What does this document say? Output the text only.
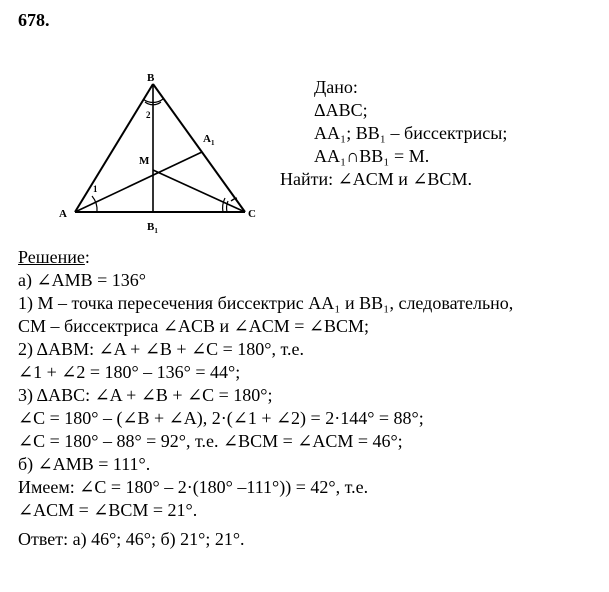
678.
A
B
C
M
$A_1$
$B_1$
1
2
Дано:
ΔABC;
AA₁; BB₁ – биссектрисы;
AA₁∩BB₁ = M.
Найти: ∠ACM и ∠BCM.
Решение:
а) ∠AMB = 136°
1) M – точка пересечения биссектрис AA₁ и BB₁, следовательно,
CM – биссектриса ∠ACB и ∠ACM = ∠BCM;
2) ΔABM: ∠A + ∠B + ∠C = 180°, т.е.
∠1 + ∠2 = 180° – 136° = 44°;
3) ΔABC: ∠A + ∠B + ∠C = 180°;
∠C = 180° – (∠B + ∠A), 2·(∠1 + ∠2) = 2·144° = 88°;
∠C = 180° – 88° = 92°, т.е. ∠BCM = ∠ACM = 46°;
б) ∠AMB = 111°.
Имеем: ∠C = 180° – 2·(180° –111°)) = 42°, т.е.
∠ACM = ∠BCM = 21°.
Ответ: а) 46°; 46°; б) 21°; 21°.
